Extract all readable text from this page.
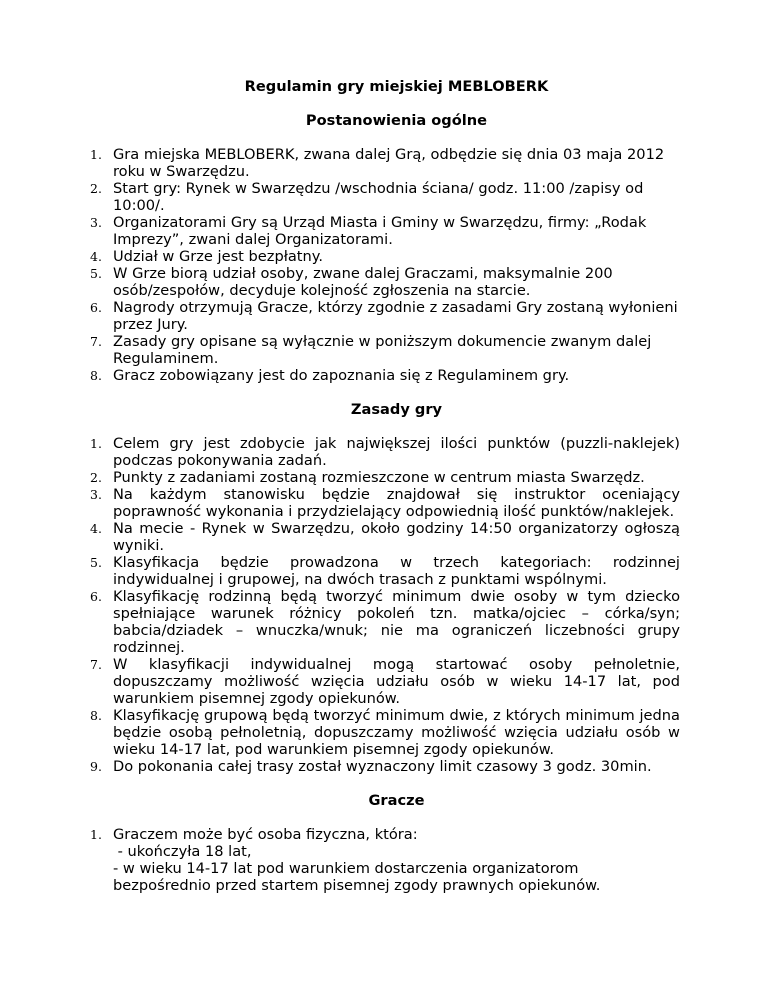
Regulamin gry miejskiej MEBLOBERK
Postanowienia ogólne
1. Gra miejska MEBLOBERK, zwana dalej Grą, odbędzie się dnia 03 maja 2012 roku w Swarzędzu.
2. Start gry: Rynek w Swarzędzu /wschodnia ściana/ godz. 11:00 /zapisy od 10:00/.
3. Organizatorami Gry są Urząd Miasta i Gminy w Swarzędzu, firmy: „Rodak Imprezy”, zwani dalej Organizatorami.
4. Udział w Grze jest bezpłatny.
5. W Grze biorą udział osoby, zwane dalej Graczami, maksymalnie 200 osób/zespołów, decyduje kolejność zgłoszenia na starcie.
6. Nagrody otrzymują Gracze, którzy zgodnie z zasadami Gry zostaną wyłonieni przez Jury.
7. Zasady gry opisane są wyłącznie w poniższym dokumencie zwanym dalej Regulaminem.
8. Gracz zobowiązany jest do zapoznania się z Regulaminem gry.
Zasady gry
1. Celem gry jest zdobycie jak największej ilości punktów (puzzli-naklejek) podczas pokonywania zadań.
2. Punkty z zadaniami zostaną rozmieszczone w centrum miasta Swarzędz.
3. Na każdym stanowisku będzie znajdował się instruktor oceniający poprawność wykonania i przydzielający odpowiednią ilość punktów/naklejek.
4. Na mecie - Rynek w Swarzędzu, około godziny 14:50 organizatorzy ogłoszą wyniki.
5. Klasyfikacja będzie prowadzona w trzech kategoriach: rodzinnej indywidualnej i grupowej, na dwóch trasach z punktami wspólnymi.
6. Klasyfikację rodzinną będą tworzyć minimum dwie osoby w tym dziecko spełniające warunek różnicy pokoleń tzn. matka/ojciec – córka/syn; babcia/dziadek – wnuczka/wnuk; nie ma ograniczeń liczebności grupy rodzinnej.
7. W klasyfikacji indywidualnej mogą startować osoby pełnoletnie, dopuszczamy możliwość wzięcia udziału osób w wieku 14-17 lat, pod warunkiem pisemnej zgody opiekunów.
8. Klasyfikację grupową będą tworzyć minimum dwie, z których minimum jedna będzie osobą pełnoletnią, dopuszczamy możliwość wzięcia udziału osób w wieku 14-17 lat, pod warunkiem pisemnej zgody opiekunów.
9. Do pokonania całej trasy został wyznaczony limit czasowy 3 godz. 30min.
Gracze
1. Graczem może być osoba fizyczna, która:
- ukończyła 18 lat,
- w wieku 14-17 lat pod warunkiem dostarczenia organizatorom bezpośrednio przed startem pisemnej zgody prawnych opiekunów.
